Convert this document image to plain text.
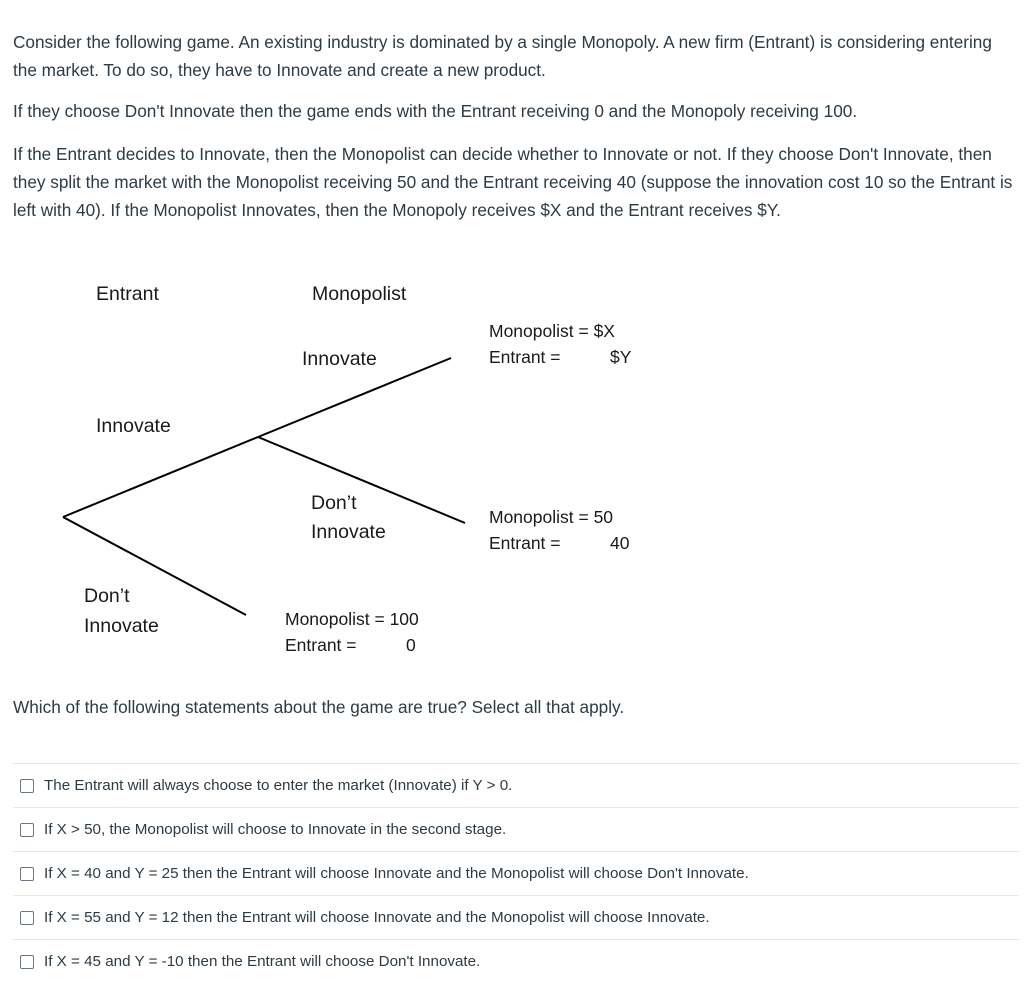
Consider the following game. An existing industry is dominated by a single Monopoly. A new firm (Entrant) is considering entering the market. To do so, they have to Innovate and create a new product.

If they choose Don't Innovate then the game ends with the Entrant receiving 0 and the Monopoly receiving 100.

If the Entrant decides to Innovate, then the Monopolist can decide whether to Innovate or not. If they choose Don't Innovate, then they split the market with the Monopolist receiving 50 and the Entrant receiving 40 (suppose the innovation cost 10 so the Entrant is left with 40). If the Monopolist Innovates, then the Monopoly receives $X and the Entrant receives $Y.

Entrant	Monopolist
Innovate
Don’t
Innovate
Innovate
Don’t
Innovate
Monopolist = $X
Entrant =	$Y
Monopolist = 50
Entrant =	40
Monopolist = 100
Entrant =	0

Which of the following statements about the game are true? Select all that apply.

The Entrant will always choose to enter the market (Innovate) if Y > 0.
If X > 50, the Monopolist will choose to Innovate in the second stage.
If X = 40 and Y = 25 then the Entrant will choose Innovate and the Monopolist will choose Don't Innovate.
If X = 55 and Y = 12 then the Entrant will choose Innovate and the Monopolist will choose Innovate.
If X = 45 and Y = -10 then the Entrant will choose Don't Innovate.
